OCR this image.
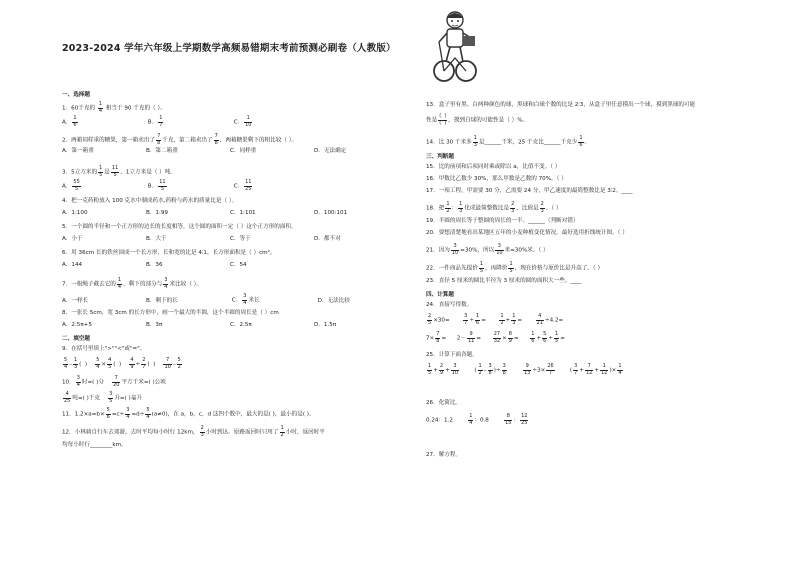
2023-2024 学年六年级上学期数学高频易错期末考前预测必刷卷（人教版）
一、选择题
1．60千克的 $\frac{1}{4}$ 相当于 90 千克的（ ）。
A． $\frac{1}{6}$	B． $\frac{1}{7}$	C． $\frac{1}{10}$
2．两箱同样重的糖果，第一箱卖出了 $\frac{7}{8}$ 千克，第二箱卖出了 $\frac{7}{8}$ ，两箱糖果剩下的相比较（ ）。
A．第一箱重	B．第二箱重	C．同样重	D．无法确定
3．5立方米的 $\frac{1}{5}$ 是 $\frac{11}{5}$ ，1立方米是（ ）吨。
A． $\frac{55}{5}$	B． $\frac{11}{5}$	C． $\frac{11}{25}$
4．把一克药粉放入 100 克水中制成药水,药粉与药水的质量比是（ ）。
A．1:100	B．1:99	C．1:101	D．100:101
5．一个圆的半径和一个正方形的边长的长度相等，这个圆的面积一定（ ）这个正方形的面积。
A．小于	B．大于	C．等于	D．都不对
6．用 36cm 长的铁丝围成一个长方形，长和宽的比是 4∶1，长方形面积是（ ）cm²。
A．144	B．36	C．54
7．一根绳子截去它的 $\frac{1}{4}$ ，剩下的部分与 $\frac{3}{4}$ 米比较（ ）。
A．一样长	B．剩下的长	C． $\frac{3}{4}$ 米长	D．无法比较
8．一张长 5cm，宽 3cm 的长方形中，画一个最大的半圆，这个半圆的周长是（ ）cm
A．2.5π+5	B．3π	C．2.5π	D．1.5π
二、填空题
9．在括号里填上">""<"或"="。
$\frac{5}{4} - \frac{1}{3}$ (  ) $\frac{5}{4} \times \frac{4}{5}$ (  ) $\frac{4}{9} \div \frac{2}{7}$ (  ) $\frac{7}{10} - \frac{5}{2}$
10． $\frac{3}{4}$ 时=( )分 $\frac{7}{20}$ 平方千米=( )公顷
$\frac{4}{25}$ 吨=( )千克 $\frac{3}{5}$ 升=( )毫升
11．$1.2\times a=b\times \frac{5}{6} =c\div \frac{3}{4} =d\div \frac{5}{4} (a\ne 0)$，在 a，b，c，d 这四个数中，最大的是( )，最小的是( )。
12．小林骑自行车去郊游，去时平均每小时行 12km， $\frac{2}{3}$ 小时到达。原路返回时只用了 $\frac{1}{2}$ 小时，返回时平
均每小时行________km。
13．盒子里有黑、白两种颜色的球，黑球和白球个数的比是 2∶3，从盒子里任意摸出一个球，摸到黑球的可能
性是 $\frac{( )}{( )}$ ，摸到白球的可能性是（ ）%。
14．比 30 千米多 $\frac{1}{3}$ 是______千米，25 千克比______千克少 $\frac{1}{6}$ 。
三、判断题
15．比的前项和后项同时乘或除以 a，比值不变。（ ）
16．甲数比乙数少 30%，那么甲数是乙数的 70%。（ ）
17．一项工程，甲需要 30 分，乙需要 24 分，甲乙速度的最简整数比是 3∶2。____
18．把 $\frac{1}{2}$ ： $\frac{1}{3}$ 化成最简整数比是 $\frac{2}{3}$ ，比值是 $\frac{2}{3}$ 。（ ）
19．半圆的周长等于整圆的周长的一半。______（判断对错）
20．要想清楚地看出某地区五年的小麦种植变化情况，最好选用折线统计图。（ ）
21．因为 $\frac{3}{10} =30\%$，所以 $\frac{3}{10}$ 米=30%米。（ ）
22．一件商品先提价 $\frac{1}{5}$ ，再降价 $\frac{1}{5}$ ，现在价格与原价比是升高了。（ ）
23．直径 5 厘米的圆比半径为 3 厘米的圆的面积大一些。____
四、计算题
24．直接写得数。
$\frac{2}{5} \times 30= \frac{3}{7} \div \frac{1}{6} = \frac{1}{2} + \frac{1}{3} = \frac{4}{21} \div 4.2=$
$7\times \frac{7}{8}$ =      $2- \frac{9}{11} = \frac{27}{32} \times \frac{8}{9} = \frac{1}{6} + \frac{5}{6} + \frac{1}{5}$ =
25．计算下面各题。
$\frac{1}{5} + \frac{2}{9} + \frac{3}{10}$ ( $\frac{1}{2} - \frac{3}{8}$ )÷ $\frac{3}{8}$
	$\frac{9}{13} \div 3\times \frac{26}{7}$ ( $\frac{3}{7} + \frac{7}{12} + \frac{1}{12}$ )× $\frac{1}{4}$
26．化简比。
0.24：1.2	$\frac{1}{4}$ ：0.8	$\frac{8}{15}$ ： $\frac{12}{25}$
27．解方程。
